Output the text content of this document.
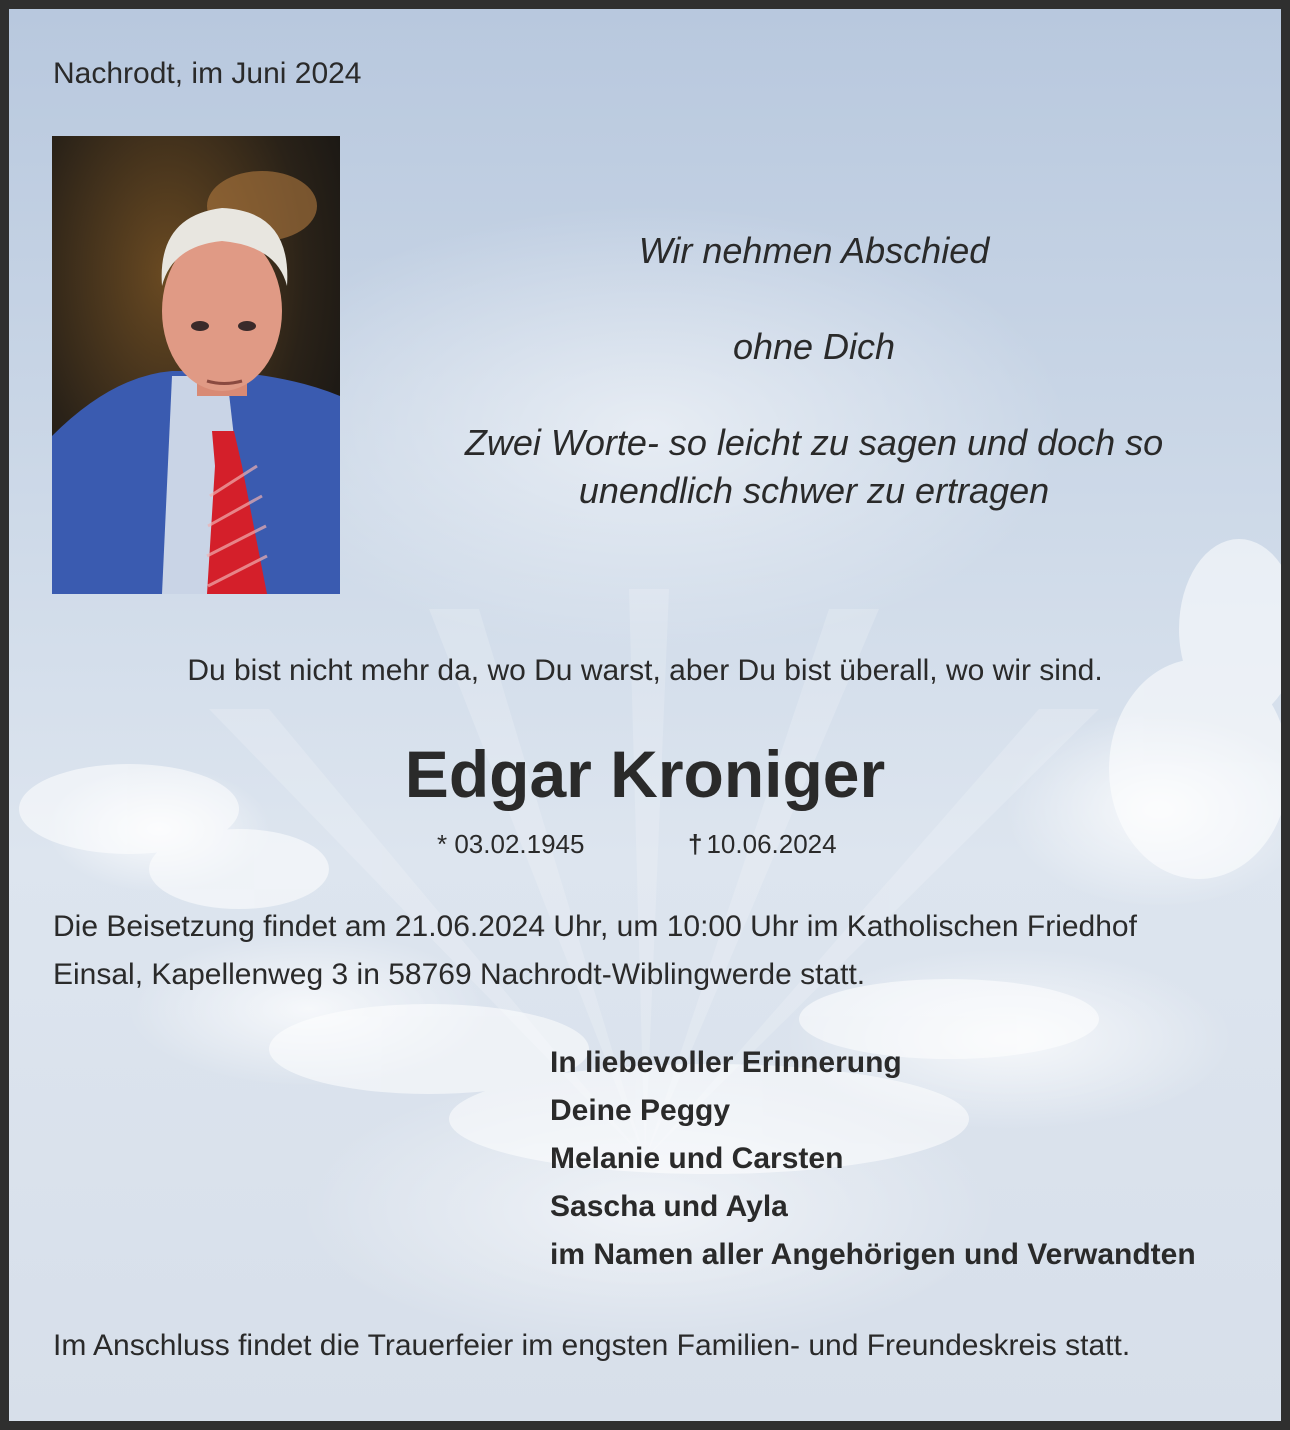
Nachrodt, im Juni 2024
Wir nehmen Abschied
ohne Dich
Zwei Worte- so leicht zu sagen und doch so
unendlich schwer zu ertragen
Du bist nicht mehr da, wo Du warst, aber Du bist überall, wo wir sind.
Edgar Kroniger
* 03.02.1945	† 10.06.2024
Die Beisetzung findet am 21.06.2024 Uhr, um 10:00 Uhr im Katholischen Friedhof Einsal, Kapellenweg 3 in 58769 Nachrodt-Wiblingwerde statt.
In liebevoller Erinnerung
Deine Peggy
Melanie und Carsten
Sascha und Ayla
im Namen aller Angehörigen und Verwandten
Im Anschluss findet die Trauerfeier im engsten Familien- und Freundeskreis statt.
